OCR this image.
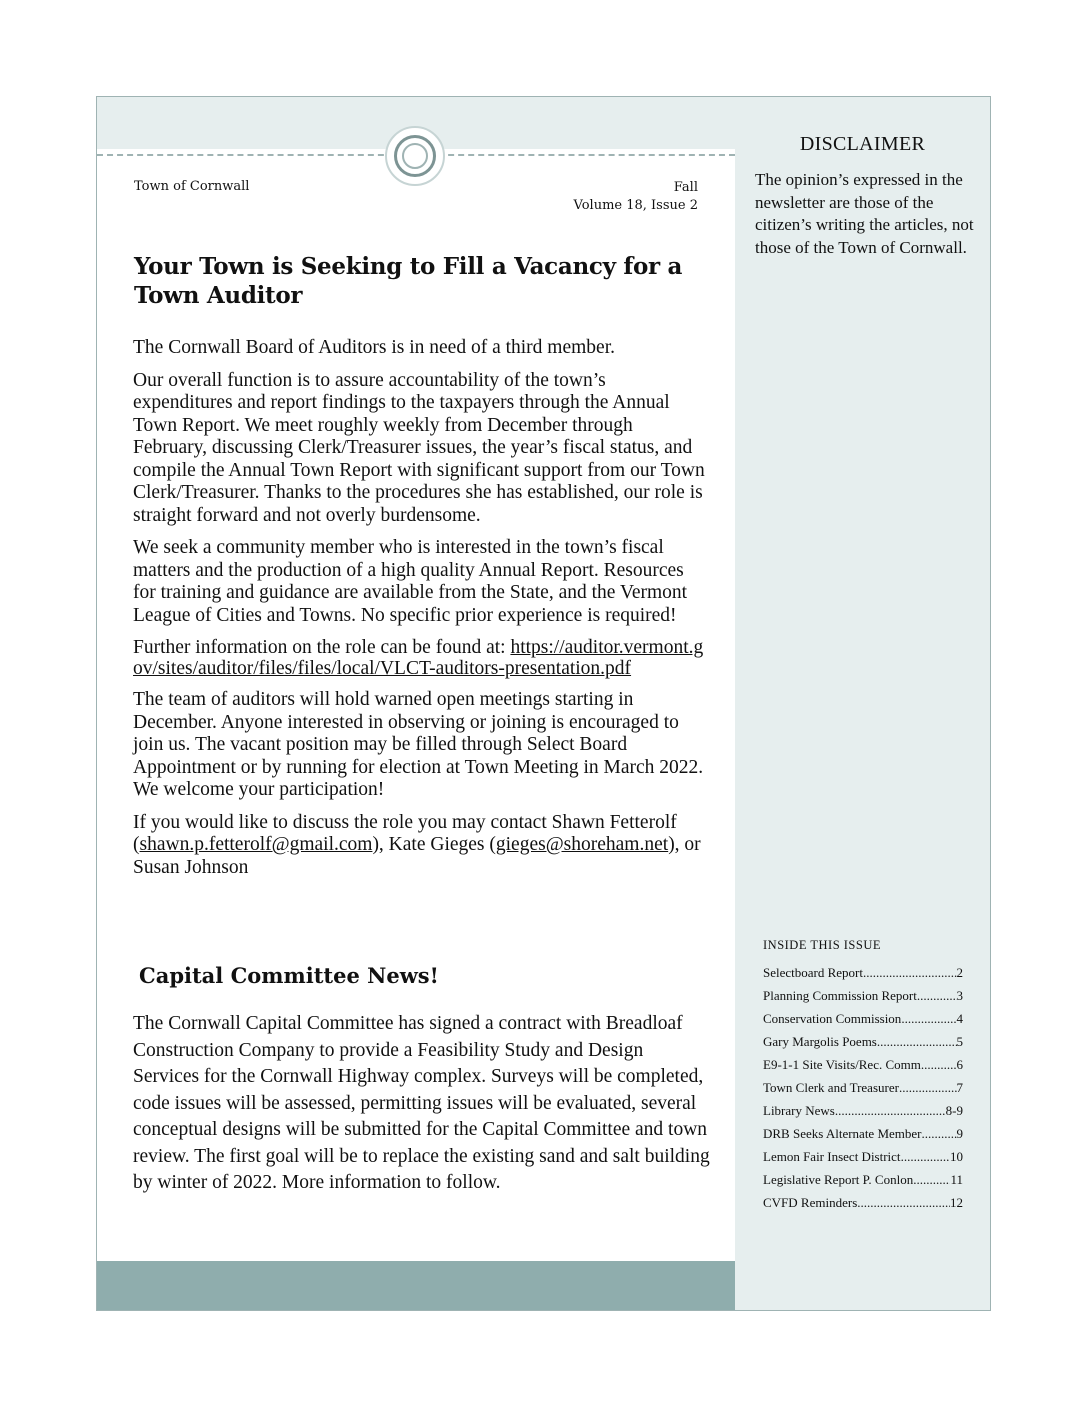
Town of Cornwall	Fall
Volume 18, Issue 2
Your Town is Seeking to Fill a Vacancy for a Town Auditor

The Cornwall Board of Auditors is in need of a third member.

Our overall function is to assure accountability of the town’s expenditures and report findings to the taxpayers through the Annual Town Report. We meet roughly weekly from December through February, discussing Clerk/Treasurer issues, the year’s fiscal status, and compile the Annual Town Report with significant support from our Town Clerk/Treasurer. Thanks to the procedures she has established, our role is straight forward and not overly burdensome.

We seek a community member who is interested in the town’s fiscal matters and the production of a high quality Annual Report. Resources for training and guidance are available from the State, and the Vermont League of Cities and Towns. No specific prior experience is required!

Further information on the role can be found at: https://auditor.vermont.gov/sites/auditor/files/files/local/VLCT-auditors-presentation.pdf

The team of auditors will hold warned open meetings starting in December. Anyone interested in observing or joining is encouraged to join us. The vacant position may be filled through Select Board Appointment or by running for election at Town Meeting in March 2022. We welcome your participation!

If you would like to discuss the role you may contact Shawn Fetterolf (shawn.p.fetterolf@gmail.com), Kate Gieges (gieges@shoreham.net), or Susan Johnson

Capital Committee News!

The Cornwall Capital Committee has signed a contract with Breadloaf Construction Company to provide a Feasibility Study and Design Services for the Cornwall Highway complex. Surveys will be completed, code issues will be assessed, permitting issues will be evaluated, several conceptual designs will be submitted for the Capital Committee and town review. The first goal will be to replace the existing sand and salt building by winter of 2022. More information to follow.

DISCLAIMER
The opinion’s expressed in the newsletter are those of the citizen’s writing the articles, not those of the Town of Cornwall.
INSIDE THIS ISSUE
Selectboard Report .....	2
Planning Commission Report .....	3
Conservation Commission .....	4
Gary Margolis Poems .....	5
E9-1-1 Site Visits/Rec. Comm .....	6
Town Clerk and Treasurer .....	7
Library News .....	8-9
DRB Seeks Alternate Member .....	9
Lemon Fair Insect District .....	10
Legislative Report P. Conlon .....	11
CVFD Reminders .....	12
